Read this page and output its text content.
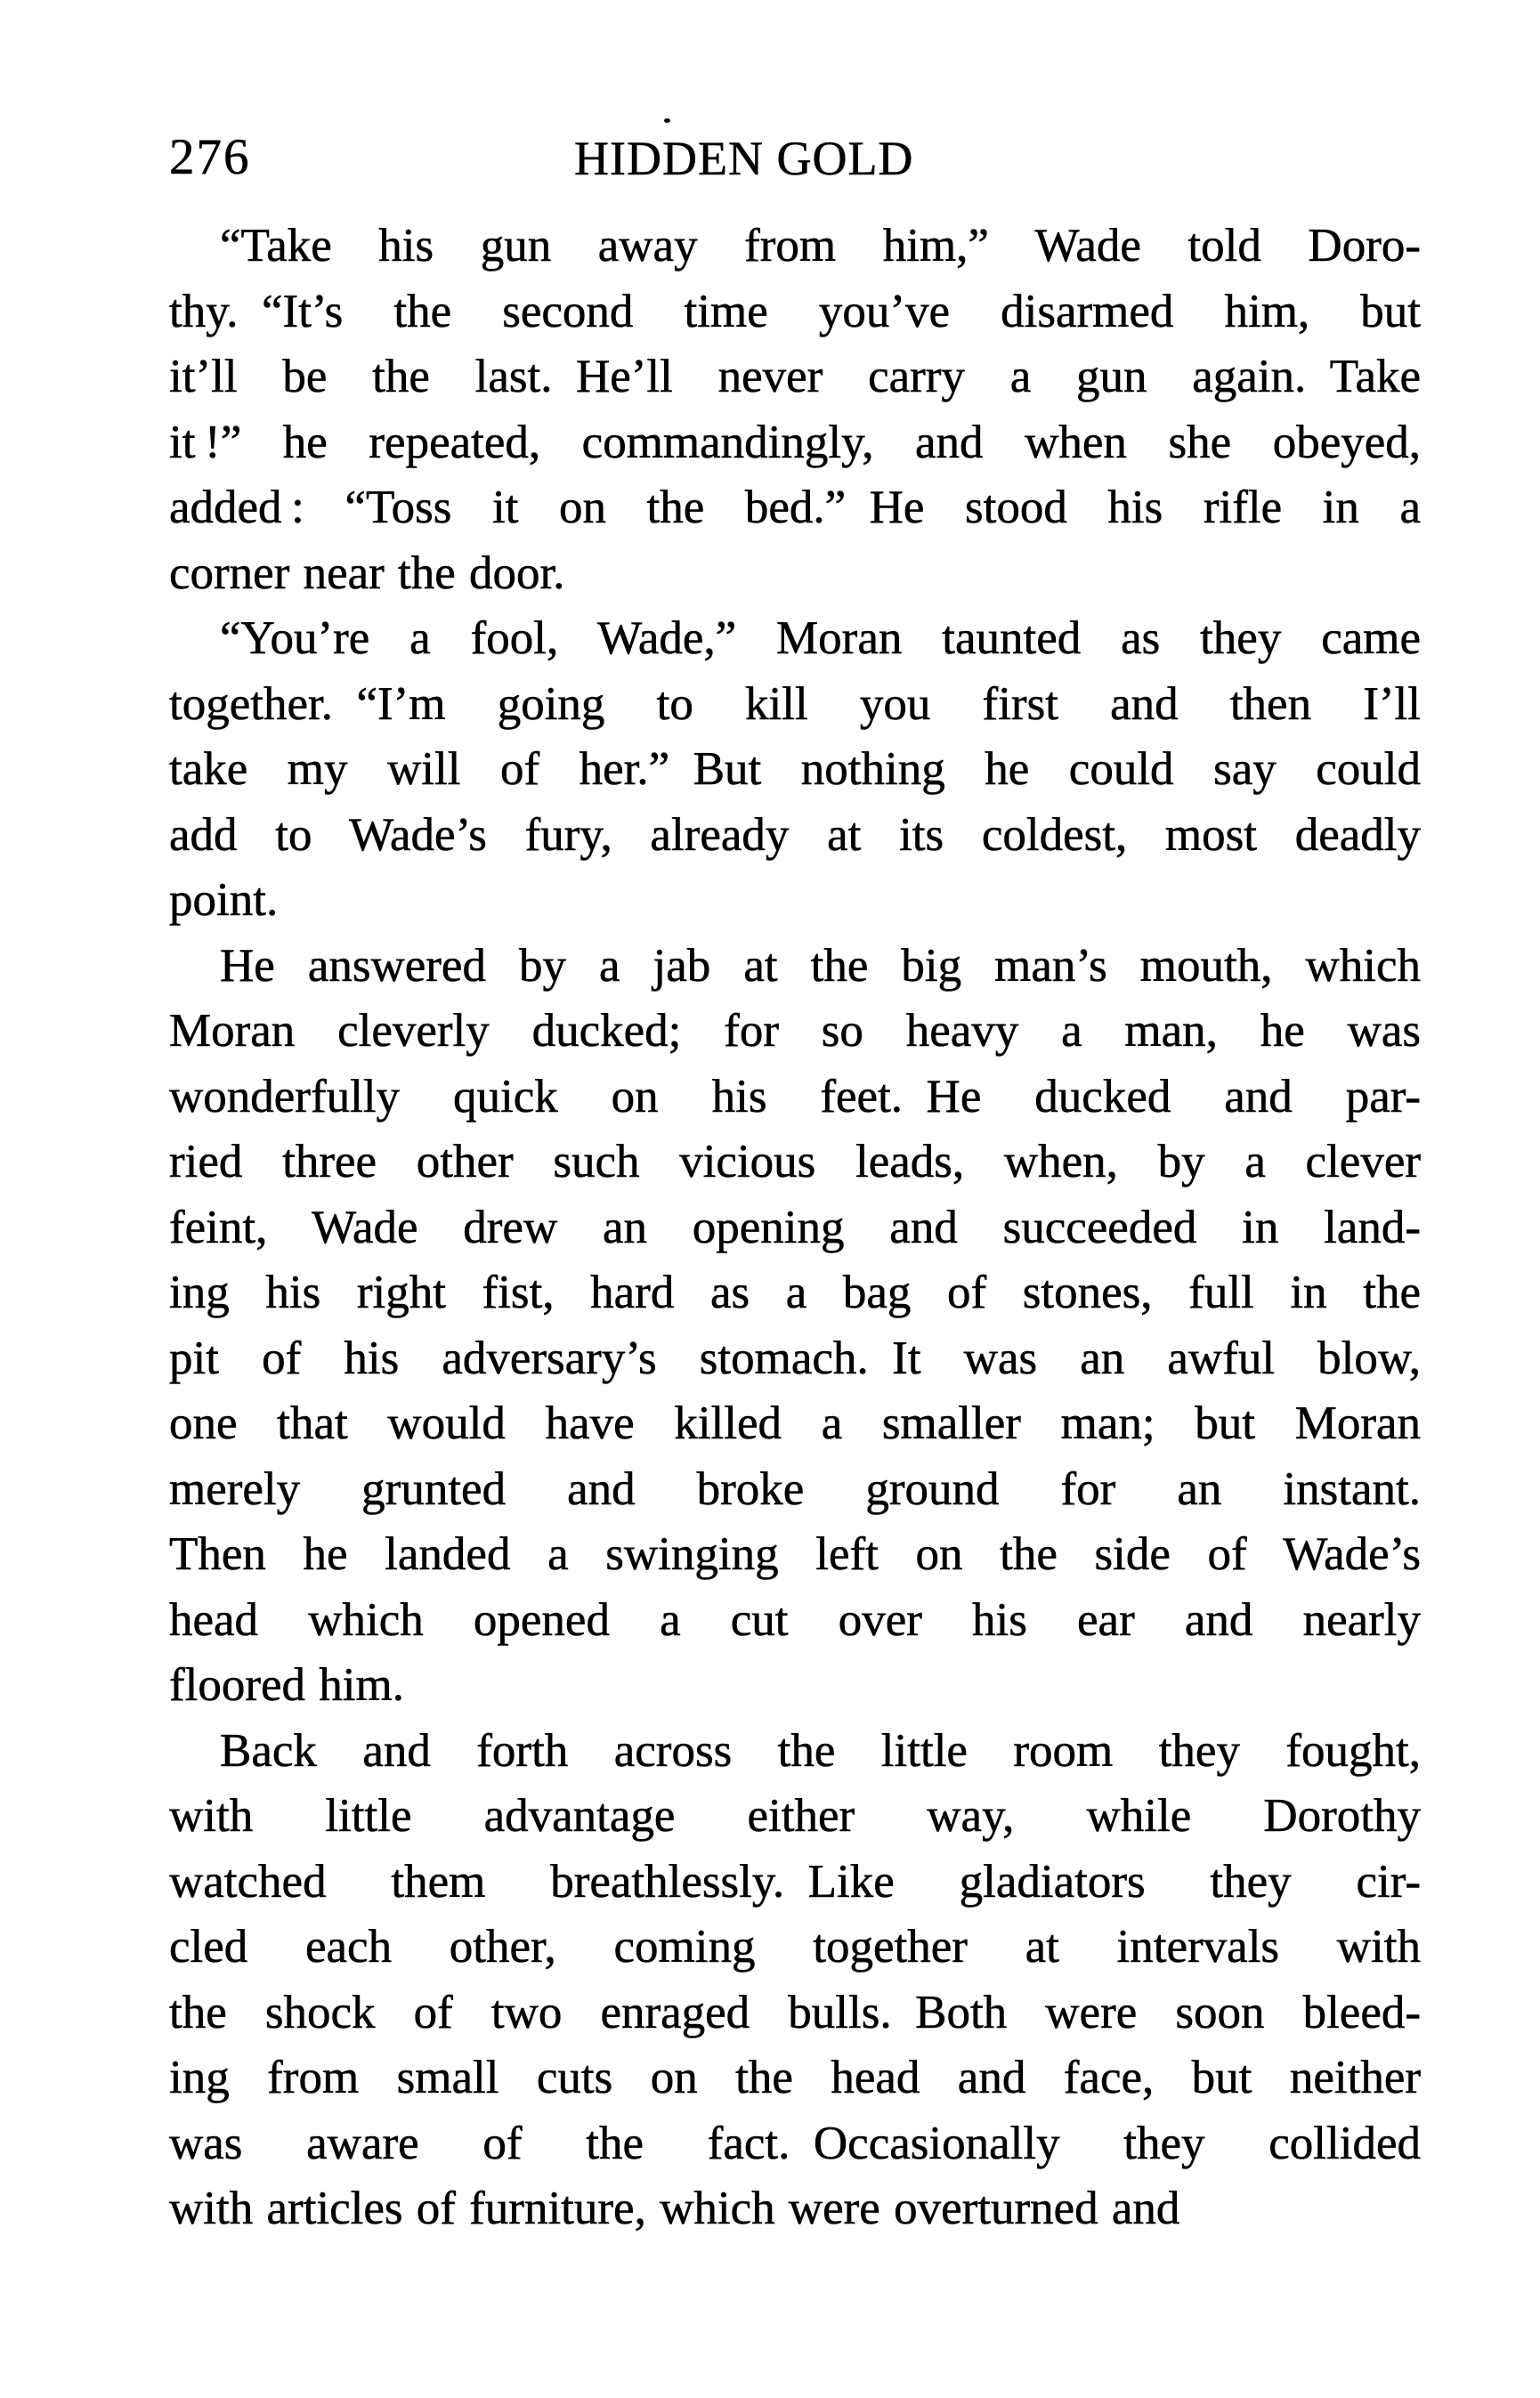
276	HIDDEN GOLD
“Take his gun away from him,” Wade told Doro-
thy. “It’s the second time you’ve disarmed him, but
it’ll be the last. He’ll never carry a gun again. Take
it !” he repeated, commandingly, and when she obeyed,
added : “Toss it on the bed.” He stood his rifle in a
corner near the door.
“You’re a fool, Wade,” Moran taunted as they came
together. “I’m going to kill you first and then I’ll
take my will of her.” But nothing he could say could
add to Wade’s fury, already at its coldest, most deadly
point.
He answered by a jab at the big man’s mouth, which
Moran cleverly ducked; for so heavy a man, he was
wonderfully quick on his feet. He ducked and par-
ried three other such vicious leads, when, by a clever
feint, Wade drew an opening and succeeded in land-
ing his right fist, hard as a bag of stones, full in the
pit of his adversary’s stomach. It was an awful blow,
one that would have killed a smaller man; but Moran
merely grunted and broke ground for an instant.
Then he landed a swinging left on the side of Wade’s
head which opened a cut over his ear and nearly
floored him.
Back and forth across the little room they fought,
with little advantage either way, while Dorothy
watched them breathlessly. Like gladiators they cir-
cled each other, coming together at intervals with
the shock of two enraged bulls. Both were soon bleed-
ing from small cuts on the head and face, but neither
was aware of the fact. Occasionally they collided
with articles of furniture, which were overturned and
